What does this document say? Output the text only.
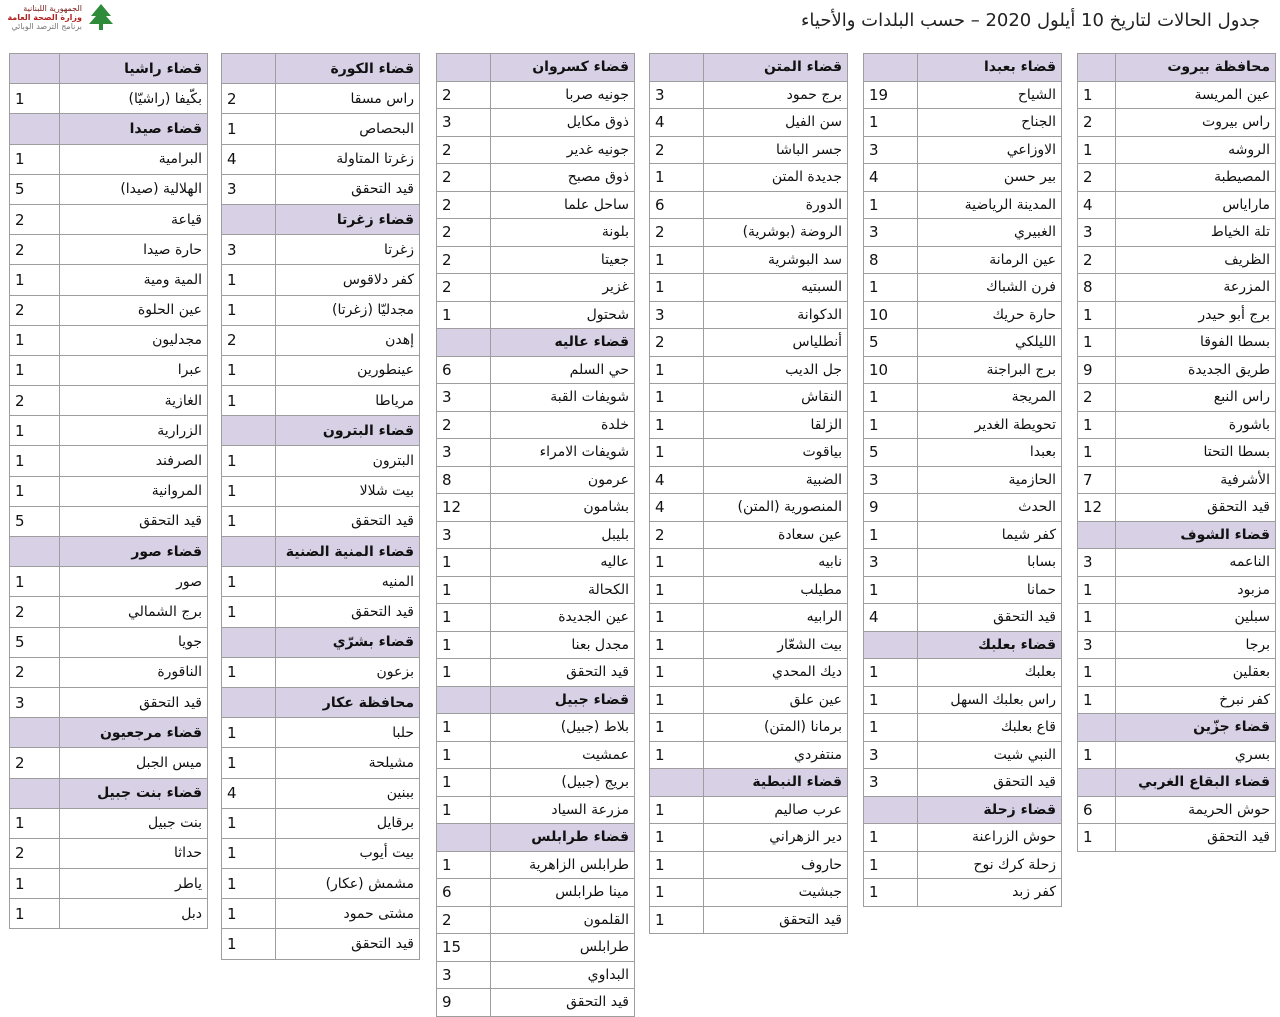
الجمهورية اللبنانية
وزارة الصحة العامة
برنامج الترصد الوبائي	جدول الحالات لتاريخ 10 أيلول 2020 – حسب البلدات والأحياء
محافظة بيروت	
عين المريسة	1
راس بيروت	2
الروشه	1
المصيطبة	2
ماراياس	4
تلة الخياط	3
الظريف	2
المزرعة	8
برج أبو حيدر	1
بسطا الفوقا	1
طريق الجديدة	9
راس النبع	2
باشورة	1
بسطا التحتا	1
الأشرفية	7
قيد التحقق	12
قضاء الشوف	
الناعمه	3
مزبود	1
سبلين	1
برجا	3
بعقلين	1
كفر نبرخ	1
قضاء جزّين	
بسري	1
قضاء البقاع الغربي	
حوش الحريمة	6
قيد التحقق	1
قضاء بعبدا	
الشياح	19
الجناح	1
الاوزاعي	3
بير حسن	4
المدينة الرياضية	1
الغبيري	3
عين الرمانة	8
فرن الشباك	1
حارة حريك	10
الليلكي	5
برج البراجنة	10
المريجة	1
تحويطة الغدير	1
بعبدا	5
الحازمية	3
الحدث	9
كفر شيما	1
بسابا	3
حمانا	1
قيد التحقق	4
قضاء بعلبك	
بعلبك	1
راس بعلبك السهل	1
قاع بعلبك	1
النبي شيت	3
قيد التحقق	3
قضاء زحلة	
حوش الزراعنة	1
زحلة كرك نوح	1
كفر زبد	1
قضاء المتن	
برج حمود	3
سن الفيل	4
جسر الباشا	2
جديدة المتن	1
الدورة	6
الروضة (بوشرية)	2
سد البوشرية	1
السبتيه	1
الدكوانة	3
أنطلياس	2
جل الديب	1
النقاش	1
الزلقا	1
بياقوت	1
الضبية	4
المنصورية (المتن)	4
عين سعادة	2
نابيه	1
مطيلب	1
الرابيه	1
بيت الشعّار	1
ديك المحدي	1
عين علق	1
برمانا (المتن)	1
منتفردي	1
قضاء النبطية	
عرب صاليم	1
دير الزهراني	1
حاروف	1
جبشيت	1
قيد التحقق	1
قضاء كسروان	
جونيه صربا	2
ذوق مكايل	3
جونيه غدير	2
ذوق مصبح	2
ساحل علما	2
بلونة	2
جعيتا	2
غزير	2
شحتول	1
قضاء عاليه	
حي السلم	6
شويفات القبة	3
خلدة	2
شويفات الامراء	3
عرمون	8
بشامون	12
بليبل	3
عاليه	1
الكحالة	1
عين الجديدة	1
مجدل بعنا	1
قيد التحقق	1
قضاء جبيل	
بلاط (جبيل)	1
عمشيت	1
بريج (جبيل)	1
مزرعة السياد	1
قضاء طرابلس	
طرابلس الزاهرية	1
مينا طرابلس	6
القلمون	2
طرابلس	15
البداوي	3
قيد التحقق	9
قضاء الكورة	
راس مسقا	2
البحصاص	1
زغرتا المتاولة	4
قيد التحقق	3
قضاء زغرتا	
زغرتا	3
كفر دلاقوس	1
مجدليّا (زغرتا)	1
إهدن	2
عينطورين	1
مرياطا	1
قضاء البترون	
البترون	1
بيت شلالا	1
قيد التحقق	1
قضاء المنية الضنية	
المنيه	1
قيد التحقق	1
قضاء بشرّي	
بزعون	1
محافظة عكار	
حلبا	1
مشيلحة	1
ببنين	4
برقايل	1
بيت أيوب	1
مشمش (عكار)	1
مشتى حمود	1
قيد التحقق	1
قضاء راشيا	
بكّيفا (راشيّا)	1
قضاء صيدا	
البرامية	1
الهلالية (صيدا)	5
قياعة	2
حارة صيدا	2
المية ومية	1
عين الحلوة	2
مجدليون	1
عبرا	1
الغازية	2
الزرارية	1
الصرفند	1
المروانية	1
قيد التحقق	5
قضاء صور	
صور	1
برج الشمالي	2
جويا	5
الناقورة	2
قيد التحقق	3
قضاء مرجعيون	
ميس الجبل	2
قضاء بنت جبيل	
بنت جبيل	1
حداثا	2
ياطر	1
دبل	1
